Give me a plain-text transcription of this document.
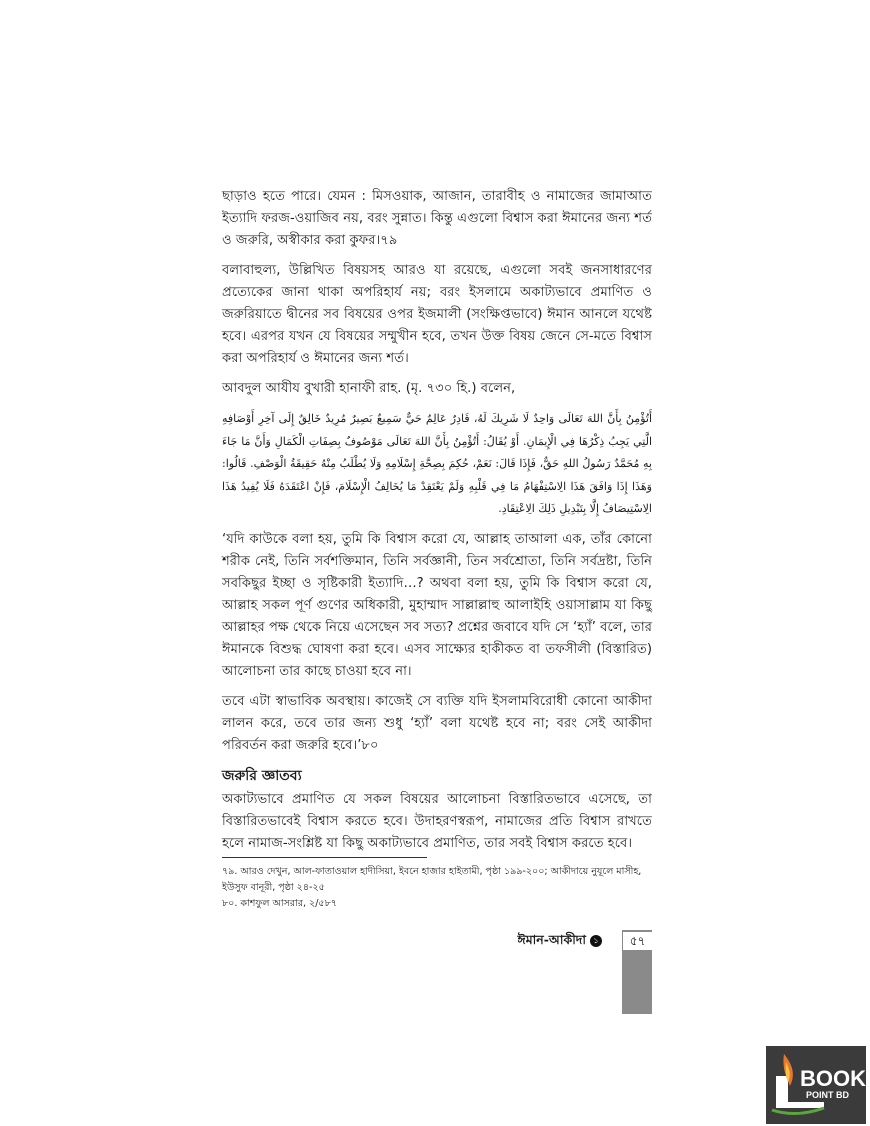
ছাড়াও হতে পারে। যেমন : মিসওয়াক, আজান, তারাবীহ ও নামাজের জামাআত ইত্যাদি ফরজ-ওয়াজিব নয়, বরং সুন্নাত। কিন্তু এগুলো বিশ্বাস করা ঈমানের জন্য শর্ত ও জরুরি, অস্বীকার করা কুফর।৭৯

বলাবাহুল্য, উল্লিখিত বিষয়সহ আরও যা রয়েছে, এগুলো সবই জনসাধারণের প্রত্যেকের জানা থাকা অপরিহার্য নয়; বরং ইসলামে অকাট্যভাবে প্রমাণিত ও জরুরিয়াতে দ্বীনের সব বিষয়ের ওপর ইজমালী (সংক্ষিপ্তভাবে) ঈমান আনলে যথেষ্ট হবে। এরপর যখন যে বিষয়ের সম্মুখীন হবে, তখন উক্ত বিষয় জেনে সে-মতে বিশ্বাস করা অপরিহার্য ও ঈমানের জন্য শর্ত।

আবদুল আযীয বুখারী হানাফী রাহ. (মৃ. ৭৩০ হি.) বলেন,

أَتُؤْمِنُ بِأَنَّ اللهَ تَعَالَى وَاحِدٌ لَا شَرِيكَ لَهُ، قَادِرٌ عَالِمٌ حَيٌّ سَمِيعٌ بَصِيرٌ مُرِيدٌ خَالِقٌ إِلَى آخِرِ أَوْصَافِهِ الَّتِي يَجِبُ ذِكْرُهَا فِي الْإِيمَانِ. أَوْ يُقَالُ: أَتُؤْمِنُ بِأَنَّ اللهَ تَعَالَى مَوْصُوفٌ بِصِفَاتِ الْكَمَالِ وَأَنَّ مَا جَاءَ بِهِ مُحَمَّدٌ رَسُولُ اللهِ حَقٌّ، فَإِذَا قَالَ: نَعَمْ، حُكِمَ بِصِحَّةِ إِسْلَامِهِ وَلَا يُطْلَبُ مِنْهُ حَقِيقَةُ الْوَصْفِ. قَالُوا: وَهَذَا إِذَا وَافَقَ هَذَا الِاسْتِفْهَامُ مَا فِي قَلْبِهِ وَلَمْ يَعْتَقِدْ مَا يُخَالِفُ الْإِسْلَامَ، فَإِنْ اعْتَقَدَهُ فَلَا يُفِيدُ هَذَا الِاسْتِيصَافُ إِلَّا بِتَبْدِيلِ ذَلِكَ الِاعْتِقَادِ.

‘যদি কাউকে বলা হয়, তুমি কি বিশ্বাস করো যে, আল্লাহ তাআলা এক, তাঁর কোনো শরীক নেই, তিনি সর্বশক্তিমান, তিনি সর্বজ্ঞানী, তিন সর্বশ্রোতা, তিনি সর্বদ্রষ্টা, তিনি সবকিছুর ইচ্ছা ও সৃষ্টিকারী ইত্যাদি…? অথবা বলা হয়, তুমি কি বিশ্বাস করো যে, আল্লাহ সকল পূর্ণ গুণের অধিকারী, মুহাম্মাদ সাল্লাল্লাহু আলাইহি ওয়াসাল্লাম যা কিছু আল্লাহর পক্ষ থেকে নিয়ে এসেছেন সব সত্য? প্রশ্নের জবাবে যদি সে ‘হ্যাঁ’ বলে, তার ঈমানকে বিশুদ্ধ ঘোষণা করা হবে। এসব সাক্ষ্যের হাকীকত বা তফসীলী (বিস্তারিত) আলোচনা তার কাছে চাওয়া হবে না।

তবে এটা স্বাভাবিক অবস্থায়। কাজেই সে ব্যক্তি যদি ইসলামবিরোধী কোনো আকীদা লালন করে, তবে তার জন্য শুধু ‘হ্যাঁ’ বলা যথেষ্ট হবে না; বরং সেই আকীদা পরিবর্তন করা জরুরি হবে।’৮০

জরুরি জ্ঞাতব্য

অকাট্যভাবে প্রমাণিত যে সকল বিষয়ের আলোচনা বিস্তারিতভাবে এসেছে, তা বিস্তারিতভাবেই বিশ্বাস করতে হবে। উদাহরণস্বরূপ, নামাজের প্রতি বিশ্বাস রাখতে হলে নামাজ-সংশ্লিষ্ট যা কিছু অকাট্যভাবে প্রমাণিত, তার সবই বিশ্বাস করতে হবে।

৭৯. আরও দেখুন, আল-ফাতাওয়াল হাদীসিয়া, ইবনে হাজার হাইতামী, পৃষ্ঠা ১৯৯-২০০; আকীদায়ে নুযূলে মাসীহ, ইউসুফ বানূরী, পৃষ্ঠা ২৪-২৫
৮০. কাশফুল আসরার, ২/৫৮৭
ঈমান-আকীদা ১	৫৭
BOOK
POINT BD
